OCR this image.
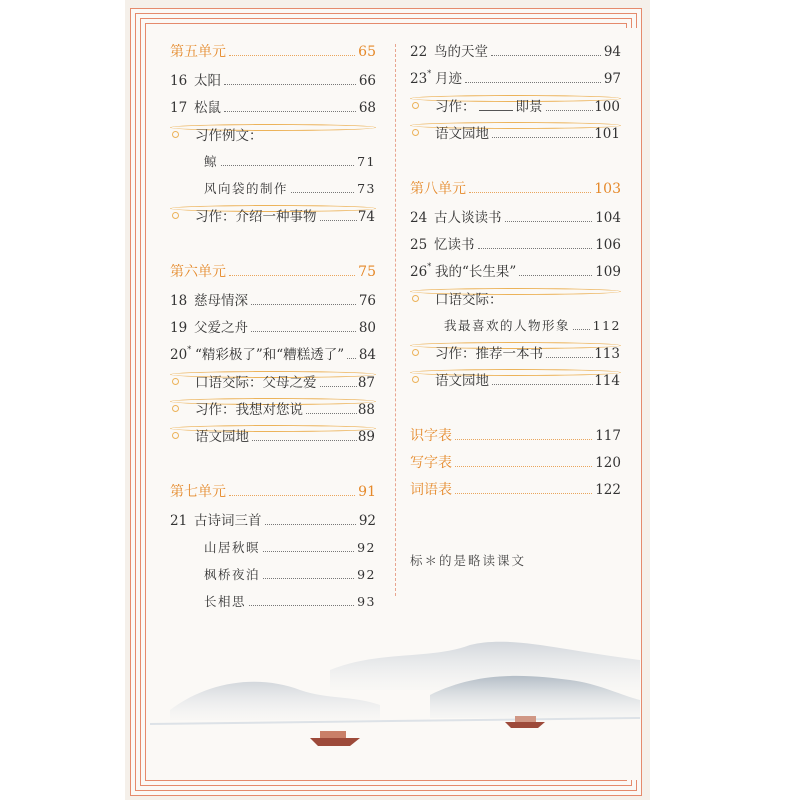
第五单元	65
16 太阳	66
17 松鼠	68
习作例文：
鲸	71
风向袋的制作	73
习作：介绍一种事物	74
第六单元	75
18 慈母情深	76
19 父爱之舟	80
20* “精彩极了”和“糟糕透了” 84
口语交际：父母之爱	87
习作：我想对您说	88
语文园地	89
第七单元	91
21 古诗词三首	92
山居秋暝	92
枫桥夜泊	92
长相思	93
22 鸟的天堂	94
23* 月迹	97
习作：	即景	100
语文园地	101
第八单元	103
24 古人谈读书	104
25 忆读书	106
26* 我的“长生果”	109
口语交际：
我最喜欢的人物形象 112
习作：推荐一本书	113
语文园地	114
识字表	117
写字表	120
词语表	122
标＊的是略读课文
